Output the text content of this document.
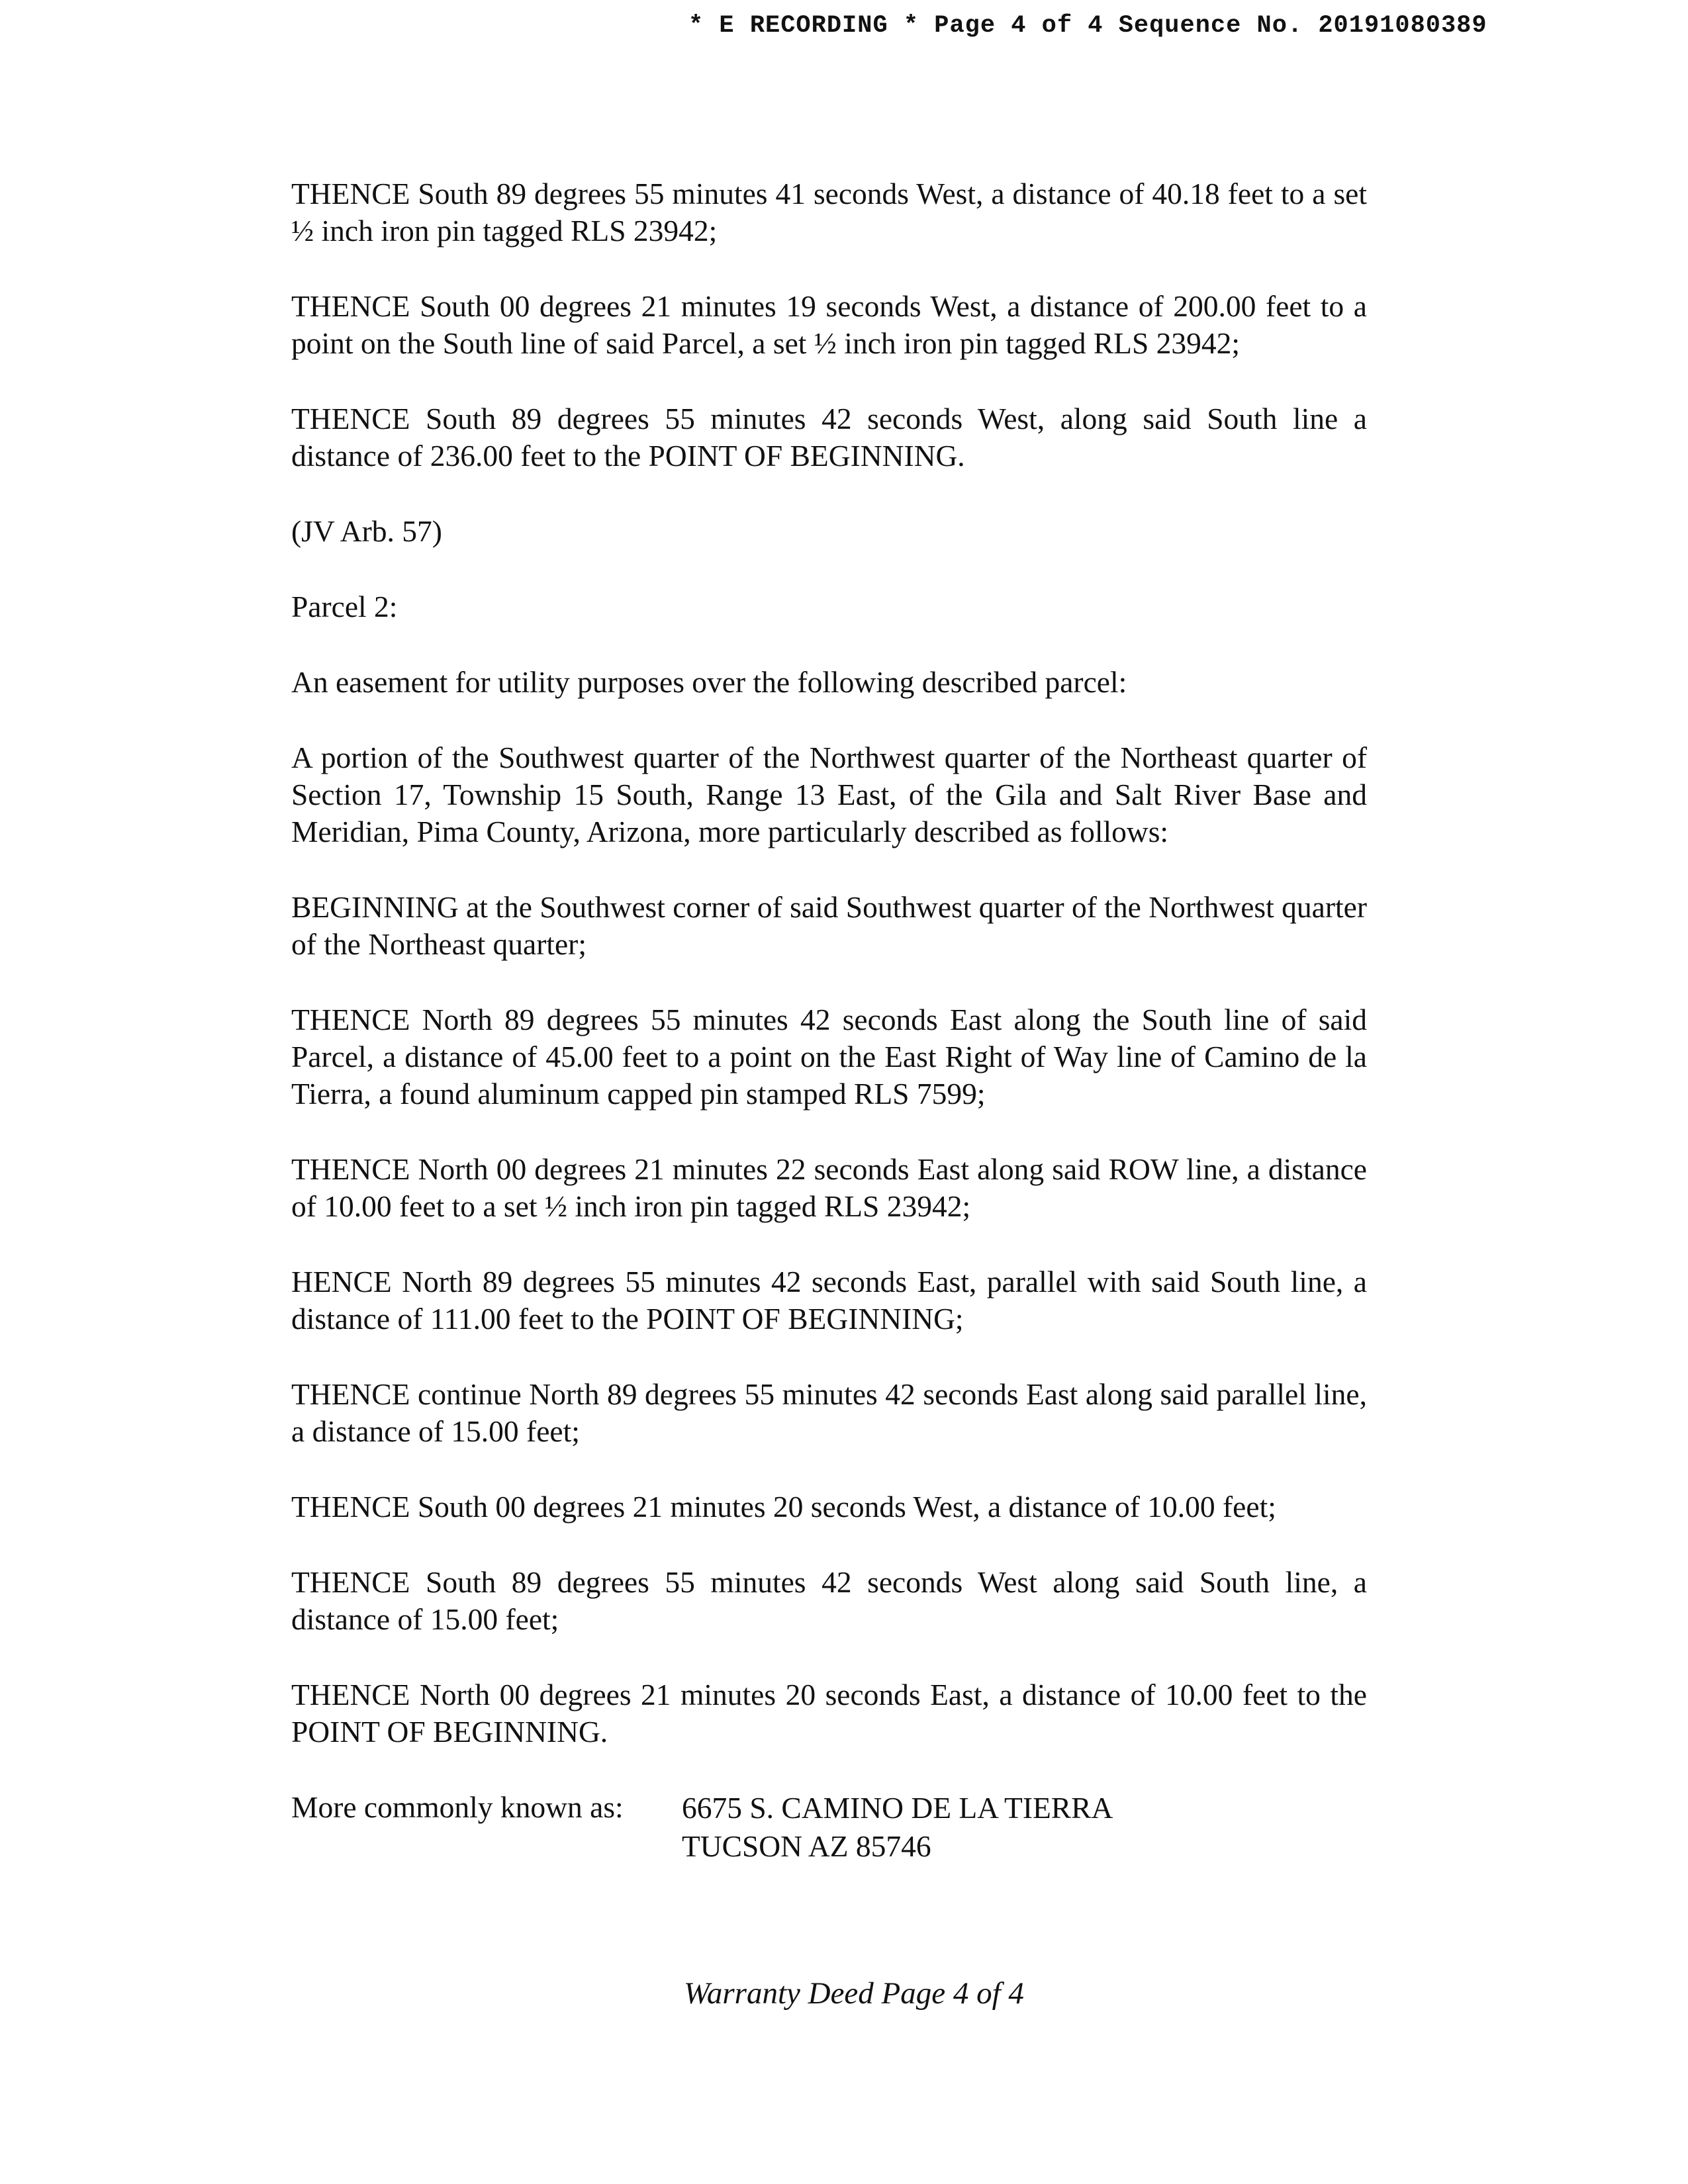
* E RECORDING * Page 4 of 4 Sequence No. 20191080389

THENCE South 89 degrees 55 minutes 41 seconds West, a distance of 40.18 feet to a set ½ inch iron pin tagged RLS 23942;

THENCE South 00 degrees 21 minutes 19 seconds West, a distance of 200.00 feet to a point on the South line of said Parcel, a set ½ inch iron pin tagged RLS 23942;

THENCE South 89 degrees 55 minutes 42 seconds West, along said South line a distance of 236.00 feet to the POINT OF BEGINNING.

(JV Arb. 57)

Parcel 2:

An easement for utility purposes over the following described parcel:

A portion of the Southwest quarter of the Northwest quarter of the Northeast quarter of Section 17, Township 15 South, Range 13 East, of the Gila and Salt River Base and Meridian, Pima County, Arizona, more particularly described as follows:

BEGINNING at the Southwest corner of said Southwest quarter of the Northwest quarter of the Northeast quarter;

THENCE North 89 degrees 55 minutes 42 seconds East along the South line of said Parcel, a distance of 45.00 feet to a point on the East Right of Way line of Camino de la Tierra, a found aluminum capped pin stamped RLS 7599;

THENCE North 00 degrees 21 minutes 22 seconds East along said ROW line, a distance of 10.00 feet to a set ½ inch iron pin tagged RLS 23942;

HENCE North 89 degrees 55 minutes 42 seconds East, parallel with said South line, a distance of 111.00 feet to the POINT OF BEGINNING;

THENCE continue North 89 degrees 55 minutes 42 seconds East along said parallel line, a distance of 15.00 feet;

THENCE South 00 degrees 21 minutes 20 seconds West, a distance of 10.00 feet;

THENCE South 89 degrees 55 minutes 42 seconds West along said South line, a distance of 15.00 feet;

THENCE North 00 degrees 21 minutes 20 seconds East, a distance of 10.00 feet to the POINT OF BEGINNING.

More commonly known as:	6675 S. CAMINO DE LA TIERRA
TUCSON AZ 85746
Warranty Deed Page 4 of 4
